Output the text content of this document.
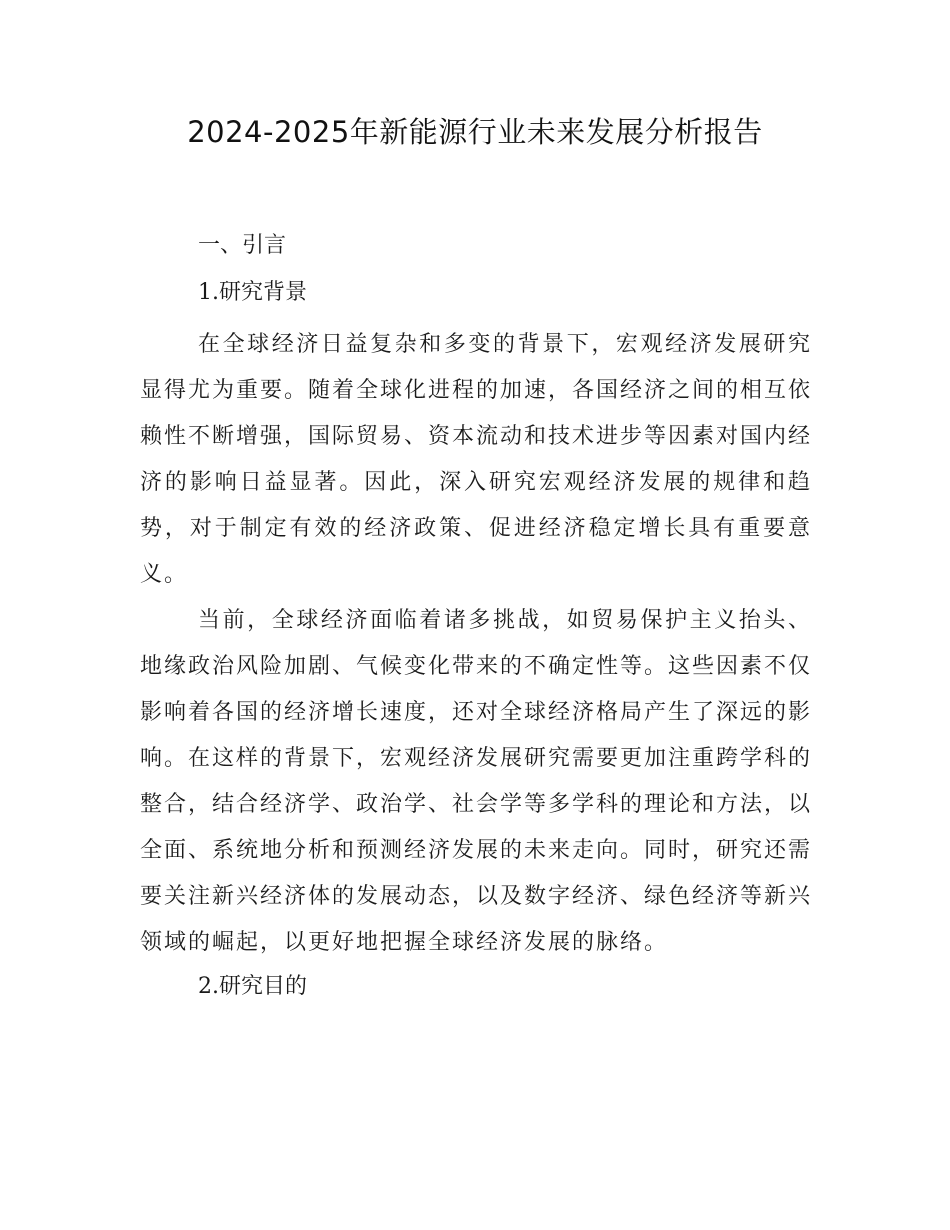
2024-2025年新能源行业未来发展分析报告
一、引言
1.研究背景

在全球经济日益复杂和多变的背景下，宏观经济发展研究显得尤为重要。随着全球化进程的加速，各国经济之间的相互依赖性不断增强，国际贸易、资本流动和技术进步等因素对国内经济的影响日益显著。因此，深入研究宏观经济发展的规律和趋势，对于制定有效的经济政策、促进经济稳定增长具有重要意义。

当前，全球经济面临着诸多挑战，如贸易保护主义抬头、地缘政治风险加剧、气候变化带来的不确定性等。这些因素不仅影响着各国的经济增长速度，还对全球经济格局产生了深远的影响。在这样的背景下，宏观经济发展研究需要更加注重跨学科的整合，结合经济学、政治学、社会学等多学科的理论和方法，以全面、系统地分析和预测经济发展的未来走向。同时，研究还需要关注新兴经济体的发展动态，以及数字经济、绿色经济等新兴领域的崛起，以更好地把握全球经济发展的脉络。

2.研究目的
